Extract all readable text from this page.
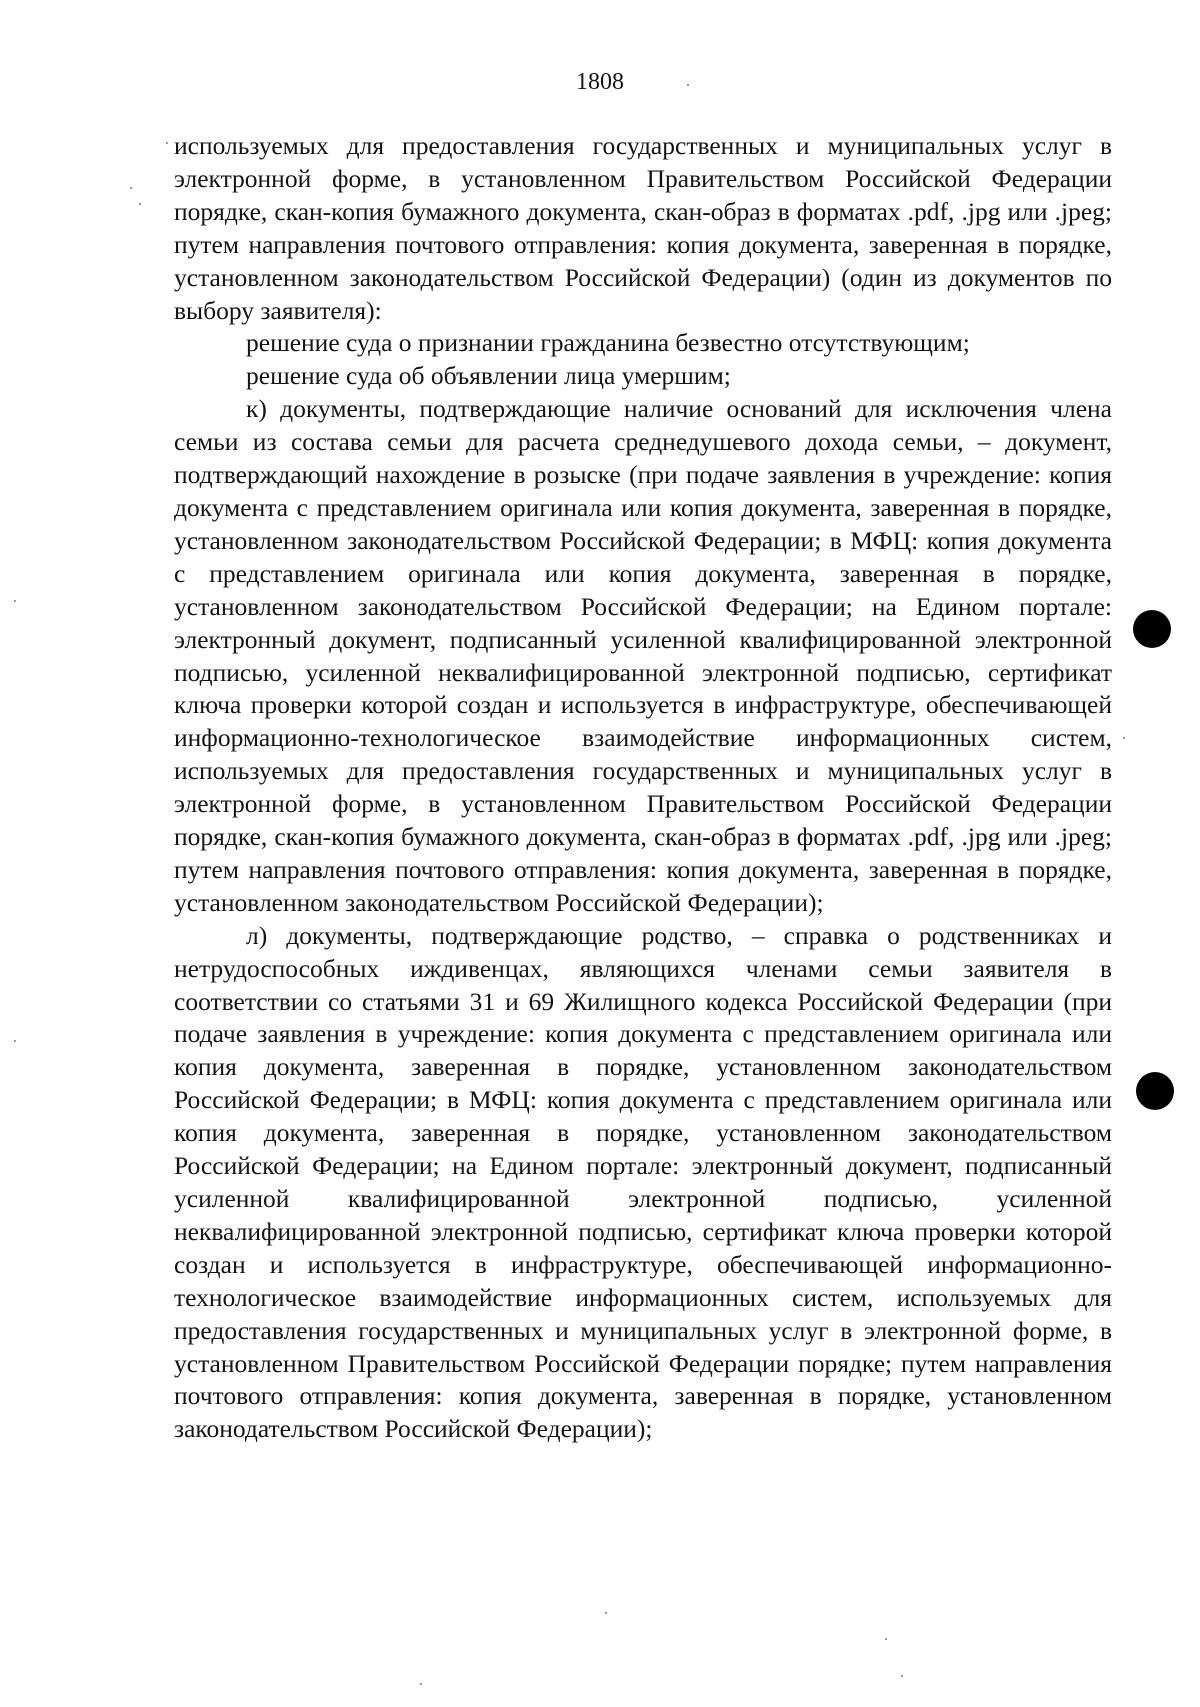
1808

используемых для предоставления государственных и муниципальных услуг в электронной форме, в установленном Правительством Российской Федерации порядке, скан-копия бумажного документа, скан-образ в форматах .pdf, .jpg или .jpeg; путем направления почтового отправления: копия документа, заверенная в порядке, установленном законодательством Российской Федерации) (один из документов по выбору заявителя):

решение суда о признании гражданина безвестно отсутствующим;

решение суда об объявлении лица умершим;

к) документы, подтверждающие наличие оснований для исключения члена семьи из состава семьи для расчета среднедушевого дохода семьи, – документ, подтверждающий нахождение в розыске (при подаче заявления в учреждение: копия документа с представлением оригинала или копия документа, заверенная в порядке, установленном законодательством Российской Федерации; в МФЦ: копия документа с представлением оригинала или копия документа, заверенная в порядке, установленном законодательством Российской Федерации; на Едином портале: электронный документ, подписанный усиленной квалифицированной электронной подписью, усиленной неквалифицированной электронной подписью, сертификат ключа проверки которой создан и используется в инфраструктуре, обеспечивающей информационно-технологическое взаимодействие информационных систем, используемых для предоставления государственных и муниципальных услуг в электронной форме, в установленном Правительством Российской Федерации порядке, скан-копия бумажного документа, скан-образ в форматах .pdf, .jpg или .jpeg; путем направления почтового отправления: копия документа, заверенная в порядке, установленном законодательством Российской Федерации);

л) документы, подтверждающие родство, – справка о родственниках и нетрудоспособных иждивенцах, являющихся членами семьи заявителя в соответствии со статьями 31 и 69 Жилищного кодекса Российской Федерации (при подаче заявления в учреждение: копия документа с представлением оригинала или копия документа, заверенная в порядке, установленном законодательством Российской Федерации; в МФЦ: копия документа с представлением оригинала или копия документа, заверенная в порядке, установленном законодательством Российской Федерации; на Едином портале: электронный документ, подписанный усиленной квалифицированной электронной подписью, усиленной неквалифицированной электронной подписью, сертификат ключа проверки которой создан и используется в инфраструктуре, обеспечивающей информационно-технологическое взаимодействие информационных систем, используемых для предоставления государственных и муниципальных услуг в электронной форме, в установленном Правительством Российской Федерации порядке; путем направления почтового отправления: копия документа, заверенная в порядке, установленном законодательством Российской Федерации);
